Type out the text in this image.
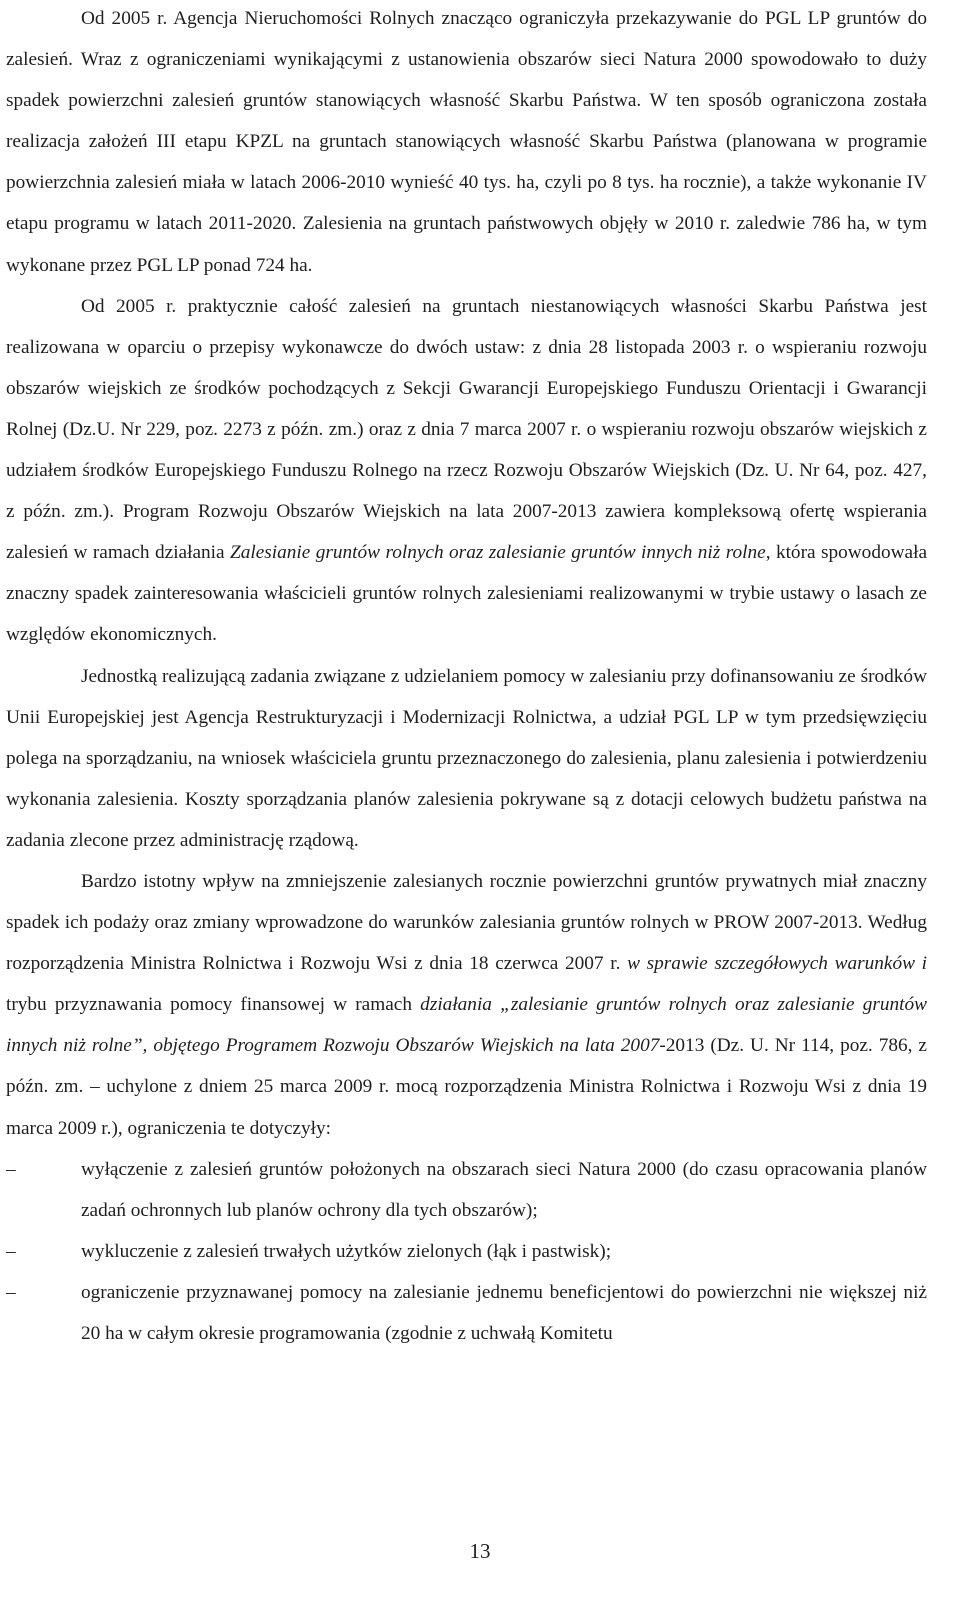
Od 2005 r. Agencja Nieruchomości Rolnych znacząco ograniczyła przekazywanie do PGL LP gruntów do zalesień. Wraz z ograniczeniami wynikającymi z ustanowienia obszarów sieci Natura 2000 spowodowało to duży spadek powierzchni zalesień gruntów stanowiących własność Skarbu Państwa. W ten sposób ograniczona została realizacja założeń III etapu KPZL na gruntach stanowiących własność Skarbu Państwa (planowana w programie powierzchnia zalesień miała w latach 2006-2010 wynieść 40 tys. ha, czyli po 8 tys. ha rocznie), a także wykonanie IV etapu programu w latach 2011-2020. Zalesienia na gruntach państwowych objęły w 2010 r. zaledwie 786 ha, w tym wykonane przez PGL LP ponad 724 ha.

Od 2005 r. praktycznie całość zalesień na gruntach niestanowiących własności Skarbu Państwa jest realizowana w oparciu o przepisy wykonawcze do dwóch ustaw: z dnia 28 listopada 2003 r. o wspieraniu rozwoju obszarów wiejskich ze środków pochodzących z Sekcji Gwarancji Europejskiego Funduszu Orientacji i Gwarancji Rolnej (Dz.U. Nr 229, poz. 2273 z późn. zm.) oraz z dnia 7 marca 2007 r. o wspieraniu rozwoju obszarów wiejskich z udziałem środków Europejskiego Funduszu Rolnego na rzecz Rozwoju Obszarów Wiejskich (Dz. U. Nr 64, poz. 427, z późn. zm.). Program Rozwoju Obszarów Wiejskich na lata 2007-2013 zawiera kompleksową ofertę wspierania zalesień w ramach działania Zalesianie gruntów rolnych oraz zalesianie gruntów innych niż rolne, która spowodowała znaczny spadek zainteresowania właścicieli gruntów rolnych zalesieniami realizowanymi w trybie ustawy o lasach ze względów ekonomicznych.

Jednostką realizującą zadania związane z udzielaniem pomocy w zalesianiu przy dofinansowaniu ze środków Unii Europejskiej jest Agencja Restrukturyzacji i Modernizacji Rolnictwa, a udział PGL LP w tym przedsięwzięciu polega na sporządzaniu, na wniosek właściciela gruntu przeznaczonego do zalesienia, planu zalesienia i potwierdzeniu wykonania zalesienia. Koszty sporządzania planów zalesienia pokrywane są z dotacji celowych budżetu państwa na zadania zlecone przez administrację rządową.

Bardzo istotny wpływ na zmniejszenie zalesianych rocznie powierzchni gruntów prywatnych miał znaczny spadek ich podaży oraz zmiany wprowadzone do warunków zalesiania gruntów rolnych w PROW 2007-2013. Według rozporządzenia Ministra Rolnictwa i Rozwoju Wsi z dnia 18 czerwca 2007 r. w sprawie szczegółowych warunków i trybu przyznawania pomocy finansowej w ramach działania „zalesianie gruntów rolnych oraz zalesianie gruntów innych niż rolne”, objętego Programem Rozwoju Obszarów Wiejskich na lata 2007-2013 (Dz. U. Nr 114, poz. 786, z późn. zm. – uchylone z dniem 25 marca 2009 r. mocą rozporządzenia Ministra Rolnictwa i Rozwoju Wsi z dnia 19 marca 2009 r.), ograniczenia te dotyczyły:

–	wyłączenie z zalesień gruntów położonych na obszarach sieci Natura 2000 (do czasu opracowania planów zadań ochronnych lub planów ochrony dla tych obszarów);
–	wykluczenie z zalesień trwałych użytków zielonych (łąk i pastwisk);
–	ograniczenie przyznawanej pomocy na zalesianie jednemu beneficjentowi do powierzchni nie większej niż 20 ha w całym okresie programowania (zgodnie z uchwałą Komitetu
13
